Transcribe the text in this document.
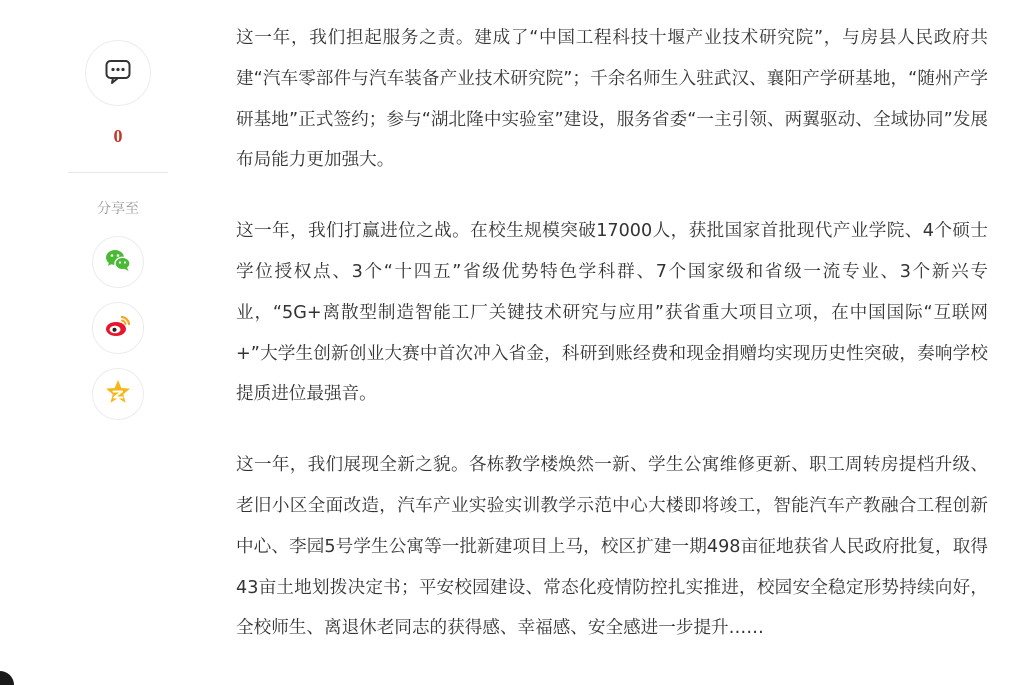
0
分享至

这一年，我们担起服务之责。建成了“中国工程科技十堰产业技术研究院”，与房县人民政府共建“汽车零部件与汽车装备产业技术研究院”；千余名师生入驻武汉、襄阳产学研基地，“随州产学研基地”正式签约；参与“湖北隆中实验室”建设，服务省委“一主引领、两翼驱动、全域协同”发展布局能力更加强大。

这一年，我们打赢进位之战。在校生规模突破17000人，获批国家首批现代产业学院、4个硕士学位授权点、3个“十四五”省级优势特色学科群、7个国家级和省级一流专业、3个新兴专业，“5G+离散型制造智能工厂关键技术研究与应用”获省重大项目立项，在中国国际“互联网+”大学生创新创业大赛中首次冲入省金，科研到账经费和现金捐赠均实现历史性突破，奏响学校提质进位最强音。

这一年，我们展现全新之貌。各栋教学楼焕然一新、学生公寓维修更新、职工周转房提档升级、老旧小区全面改造，汽车产业实验实训教学示范中心大楼即将竣工，智能汽车产教融合工程创新中心、李园5号学生公寓等一批新建项目上马，校区扩建一期498亩征地获省人民政府批复，取得43亩土地划拨决定书；平安校园建设、常态化疫情防控扎实推进，校园安全稳定形势持续向好，全校师生、离退休老同志的获得感、幸福感、安全感进一步提升……
